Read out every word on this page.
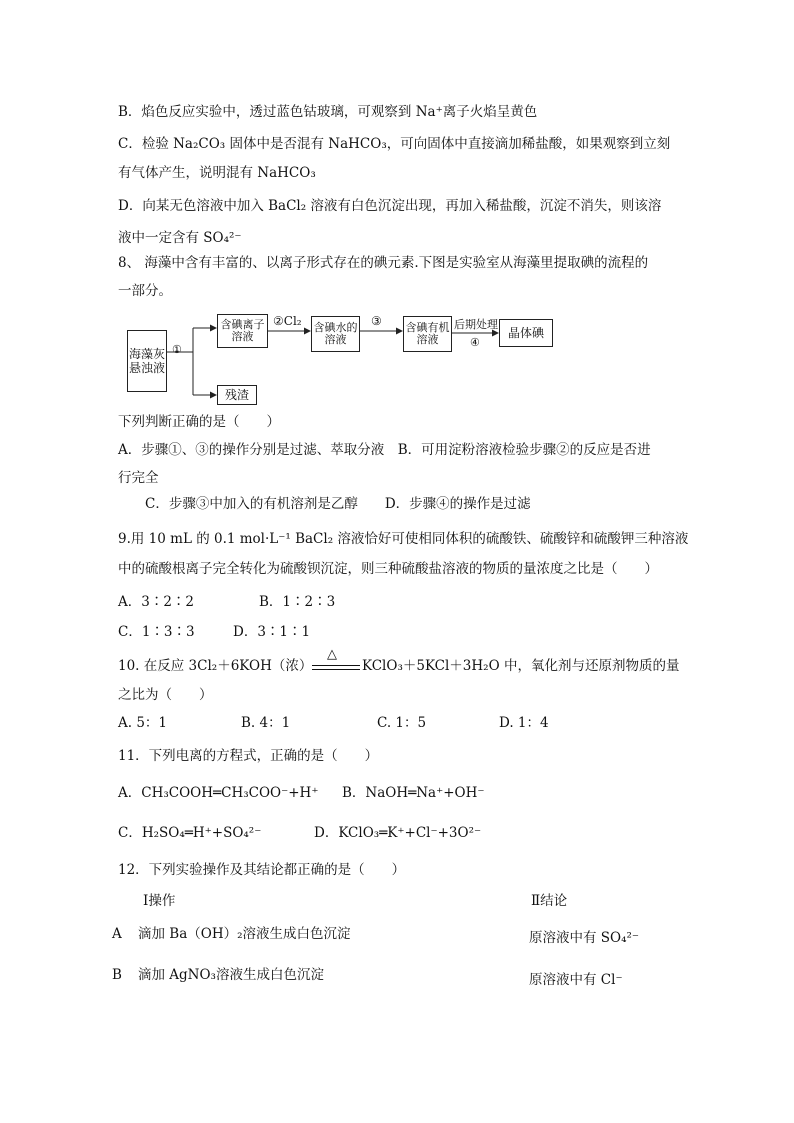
B．焰色反应实验中，透过蓝色钴玻璃，可观察到 Na⁺离子火焰呈黄色
C．检验 Na₂CO₃ 固体中是否混有 NaHCO₃，可向固体中直接滴加稀盐酸，如果观察到立刻
有气体产生，说明混有 NaHCO₃
D．向某无色溶液中加入 BaCl₂ 溶液有白色沉淀出现，再加入稀盐酸，沉淀不消失，则该溶
液中一定含有 SO₄²⁻
8、 海藻中含有丰富的、以离子形式存在的碘元素.下图是实验室从海藻里提取碘的流程的
一部分。
海藻灰悬浊液
①
含碘离子溶液
②Cl₂ 含碘水的溶液
③ 含碘有机溶液
后期处理
④
晶体碘
残渣
下列判断正确的是（　　）
A．步骤①、③的操作分别是过滤、萃取分液　B．可用淀粉溶液检验步骤②的反应是否进
行完全
C．步骤③中加入的有机溶剂是乙醇　　D．步骤④的操作是过滤
9.用 10 mL 的 0.1 mol·L⁻¹ BaCl₂ 溶液恰好可使相同体积的硫酸铁、硫酸锌和硫酸钾三种溶液
中的硫酸根离子完全转化为硫酸钡沉淀，则三种硫酸盐溶液的物质的量浓度之比是（　　）
A．3∶2∶2	B．1∶2∶3
C．1∶3∶3	D．3∶1∶1
10. 在反应 3Cl₂＋6KOH（浓）
△
KClO₃＋5KCl＋3H₂O 中，氧化剂与还原剂物质的量
之比为（　　）
A. 5：1	B. 4：1	C. 1：5	D. 1：4
11．下列电离的方程式，正确的是（　　）
A．CH₃COOH═CH₃COO⁻+H⁺ B．NaOH═Na⁺+OH⁻
C．H₂SO₄═H⁺+SO₄²⁻	D．KClO₃═K⁺+Cl⁻+3O²⁻
12．下列实验操作及其结论都正确的是（　　）
Ⅰ操作	Ⅱ结论
A 滴加 Ba（OH）₂溶液生成白色沉淀	原溶液中有 SO₄²⁻
B 滴加 AgNO₃溶液生成白色沉淀	原溶液中有 Cl⁻
